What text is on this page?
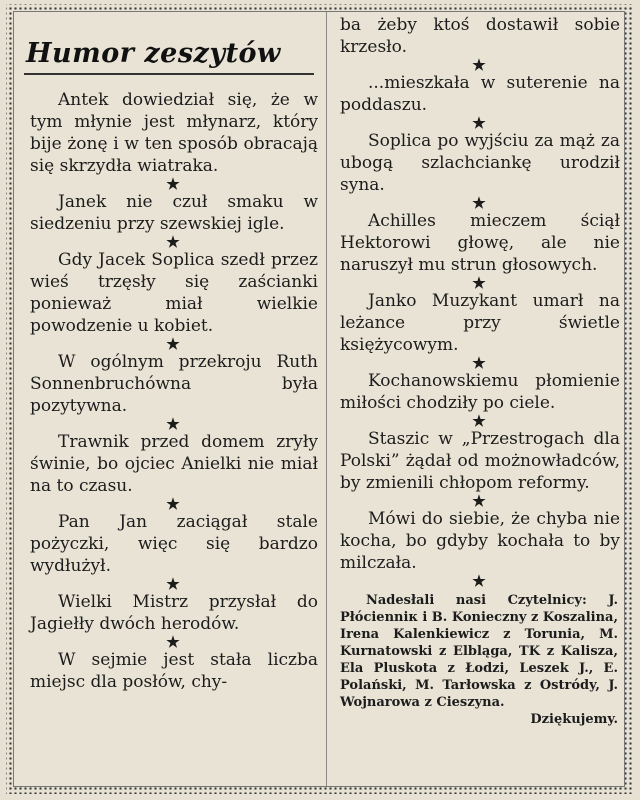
Humor zeszytów

Antek dowiedział się, że w tym młynie jest młynarz, który bije żonę i w ten sposób obracają się skrzydła wiatraka.

★

Janek nie czuł smaku w siedzeniu przy szewskiej igle.

★

Gdy Jacek Soplica szedł przez wieś trzęsły się zaścianki ponieważ miał wielkie powodzenie u kobiet.

★

W ogólnym przekroju Ruth Sonnenbruchówna była pozytywna.

★

Trawnik przed domem zryły świnie, bo ojciec Anielki nie miał na to czasu.

★

Pan Jan zaciągał stale pożyczki, więc się bardzo wydłużył.

★

Wielki Mistrz przysłał do Jagiełły dwóch herodów.

★

W sejmie jest stała liczba miejsc dla posłów, chy-

ba żeby ktoś dostawił sobie krzesło.

★

...mieszkała w suterenie na poddaszu.

★

Soplica po wyjściu za mąż za ubogą szlachciankę urodził syna.

★

Achilles mieczem ściął Hektorowi głowę, ale nie naruszył mu strun głosowych.

★

Janko Muzykant umarł na leżance przy świetle księżycowym.

★

Kochanowskiemu płomienie miłości chodziły po ciele.

★

Staszic w „Przestrogach dla Polski” żądał od możnowładców, by zmienili chłopom reformy.

★

Mówi do siebie, że chyba nie kocha, bo gdyby kochała to by milczała.

★

Nadesłali nasi Czytelnicy: J. Płócienniк i B. Konieczny z Koszalina, Irena Kalenkiewicz z Torunia, M. Kurnatowski z Elbląga, TK z Kalisza, Ela Pluskota z Łodzi, Leszek J., E. Polański, M. Tarłowska z Ostródy, J. Wojnarowa z Cieszyna.
Dziękujemy.
